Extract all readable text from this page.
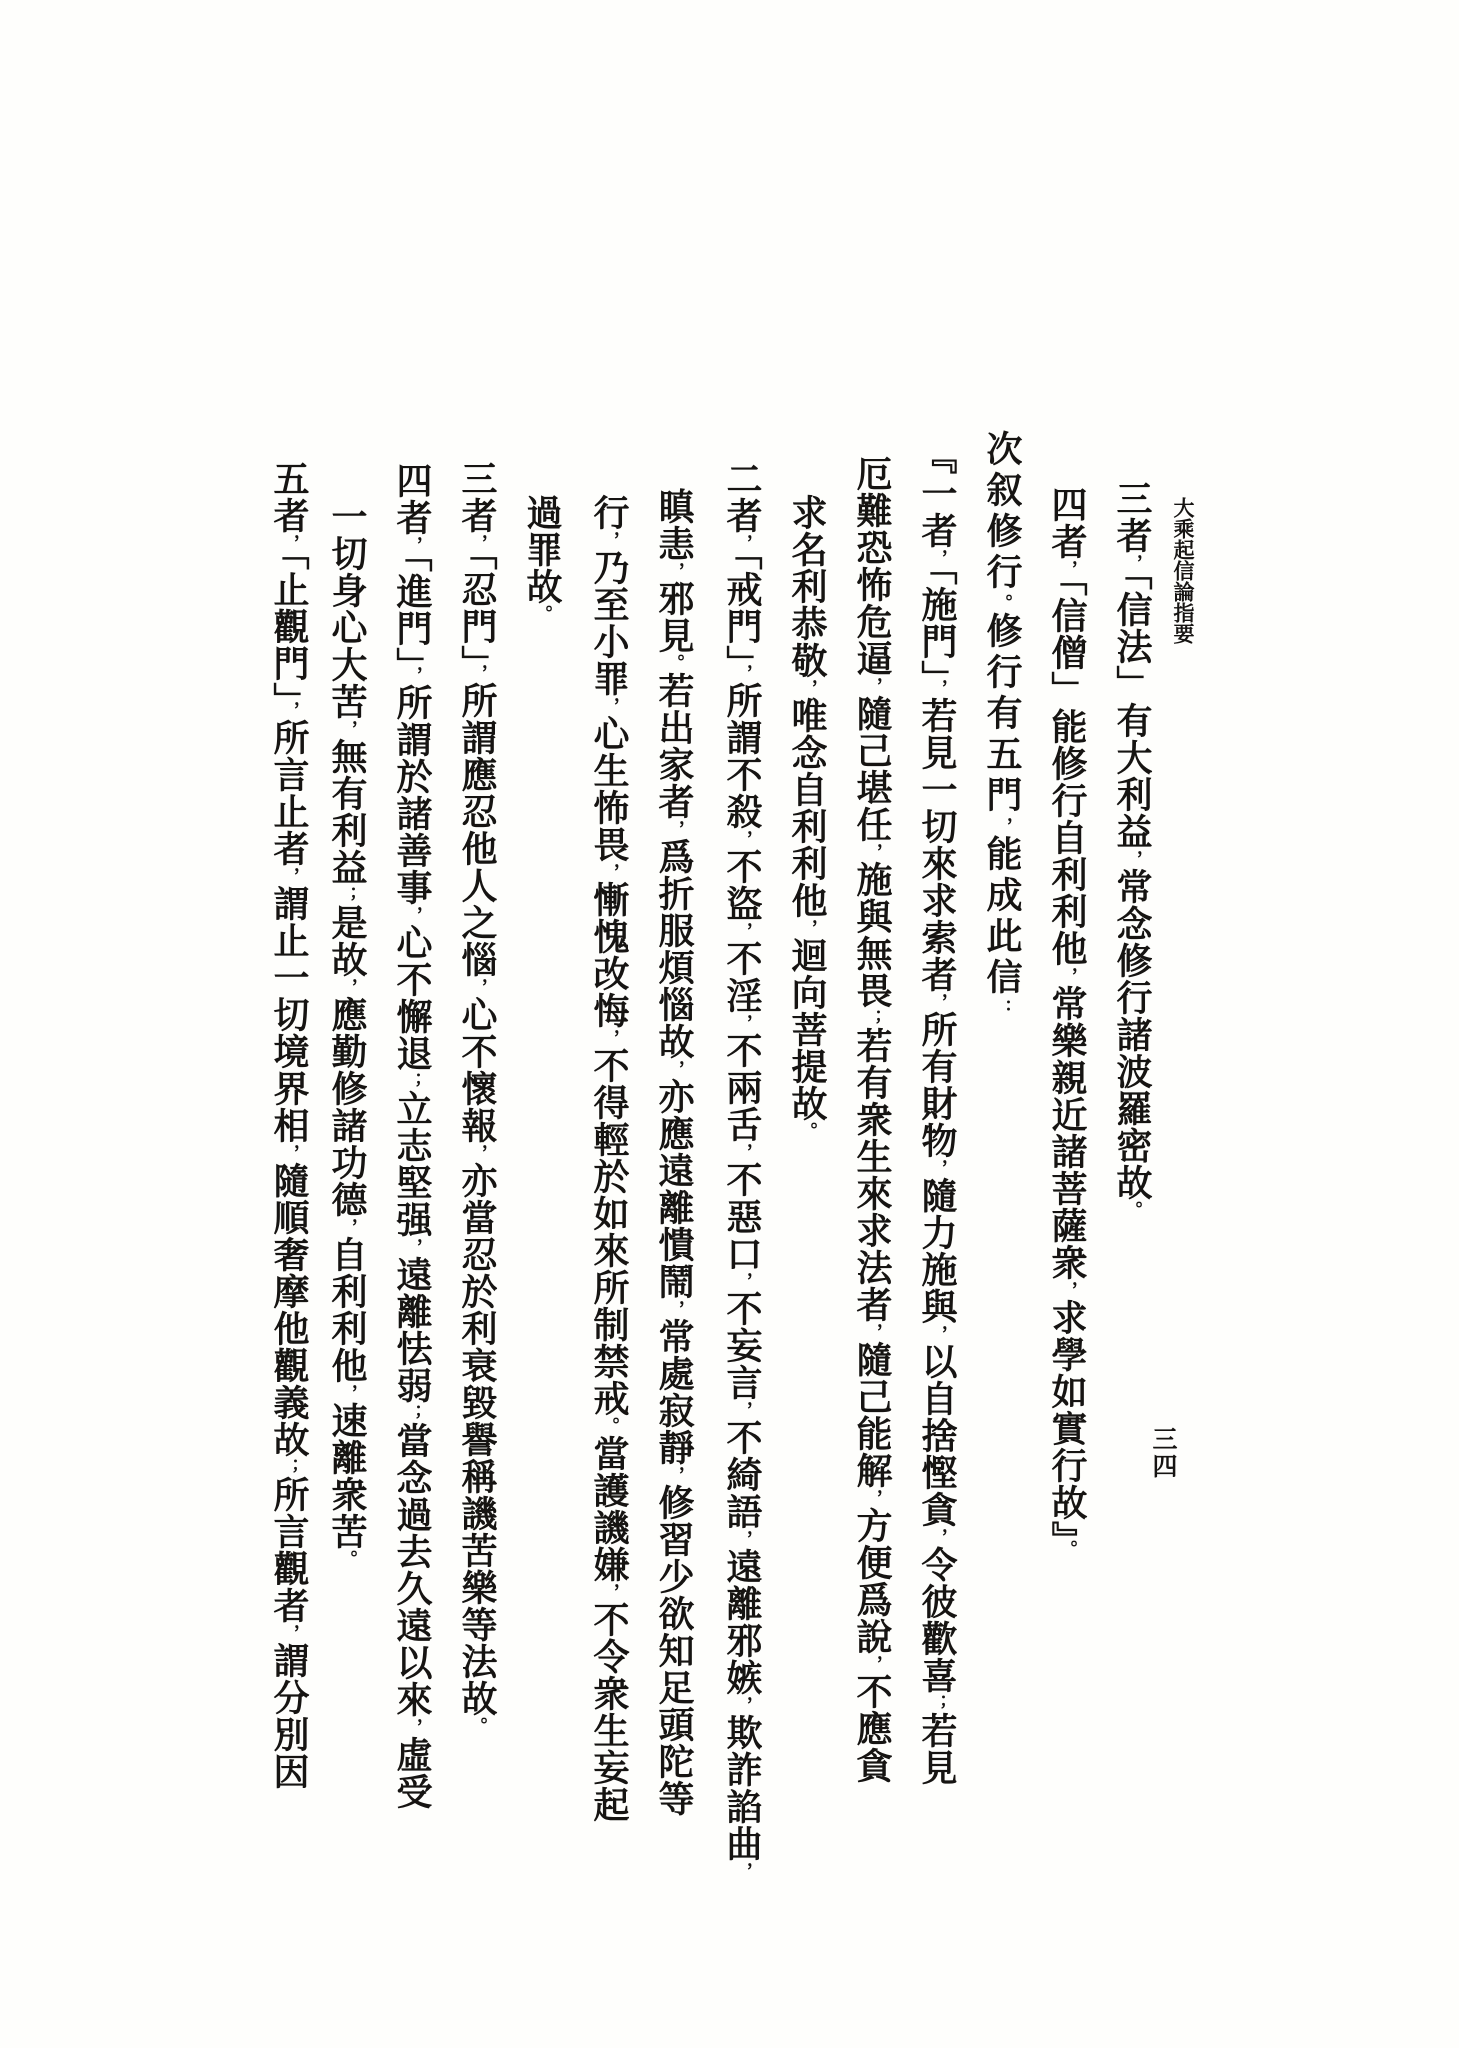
大乘起信論指要
三四
三者，「信法」有大利益，常念修行諸波羅密故。
四者，「信僧」能修行自利利他，常樂親近諸菩薩衆，求學如實行故』。
次叙修行。修行有五門，能成此信：
『一者，「施門」，若見一切來求索者，所有財物，隨力施與，以自捨慳貪，令彼歡喜；若見
厄難恐怖危逼，隨己堪任，施與無畏；若有衆生來求法者，隨己能解，方便爲說，不應貪
求名利恭敬，唯念自利利他，迴向菩提故。
二者，「戒門」，所謂不殺，不盜，不淫，不兩舌，不惡口，不妄言，不綺語，遠離邪嫉，欺詐諂曲，
瞋恚，邪見。若出家者，爲折服煩惱故，亦應遠離憒鬧，常處寂靜，修習少欲知足頭陀等
行，乃至小罪，心生怖畏，慚愧改悔，不得輕於如來所制禁戒。當護譏嫌，不令衆生妄起
過罪故。
三者，「忍門」，所謂應忍他人之惱，心不懷報，亦當忍於利衰毀譽稱譏苦樂等法故。
四者，「進門」，所謂於諸善事，心不懈退；立志堅强，遠離怯弱；當念過去久遠以來，虛受
一切身心大苦，無有利益；是故，應勤修諸功德，自利利他，速離衆苦。
五者，「止觀門」，所言止者，謂止一切境界相，隨順奢摩他觀義故；所言觀者，謂分別因
